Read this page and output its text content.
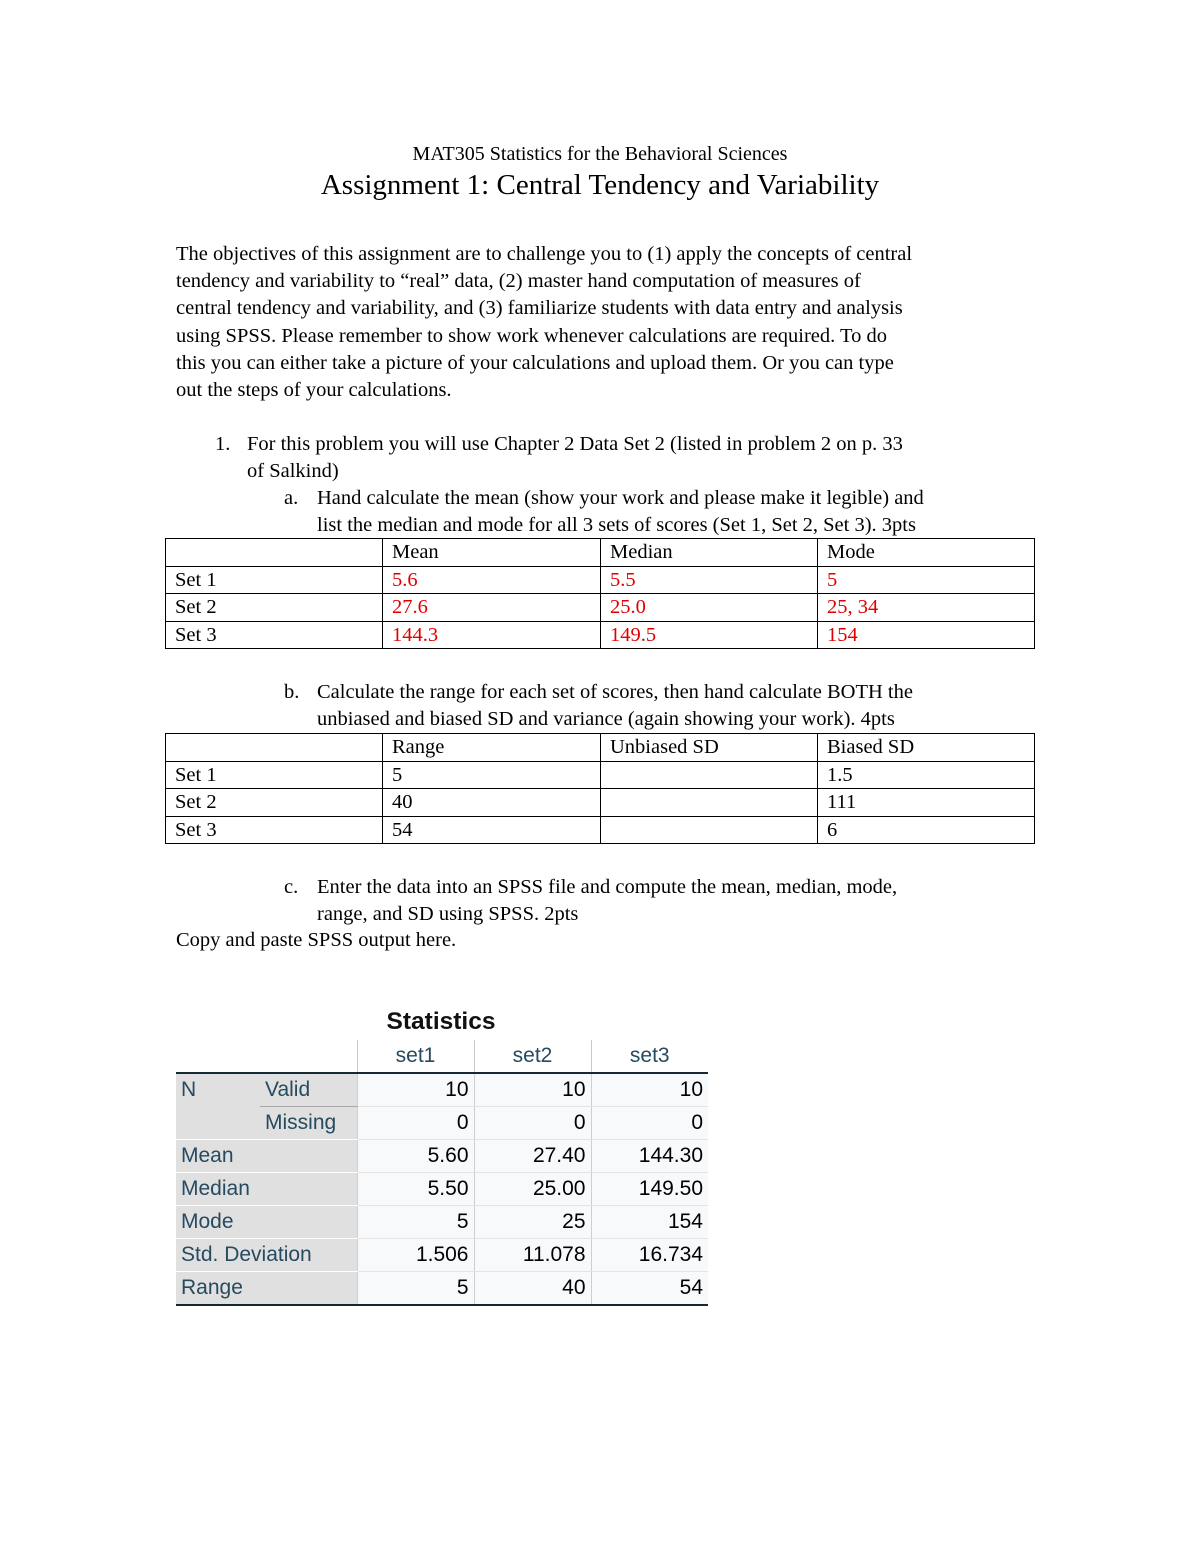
MAT305 Statistics for the Behavioral Sciences
Assignment 1: Central Tendency and Variability
The objectives of this assignment are to challenge you to (1) apply the concepts of central
tendency and variability to “real” data, (2) master hand computation of measures of
central tendency and variability, and (3) familiarize students with data entry and analysis
using SPSS. Please remember to show work whenever calculations are required. To do
this you can either take a picture of your calculations and upload them. Or you can type
out the steps of your calculations.
1. For this problem you will use Chapter 2 Data Set 2 (listed in problem 2 on p. 33
of Salkind)
a. Hand calculate the mean (show your work and please make it legible) and
list the median and mode for all 3 sets of scores (Set 1, Set 2, Set 3). 3pts
	Mean	Median	Mode
Set 1	5.6	5.5	5
Set 2	27.6	25.0	25, 34
Set 3	144.3	149.5	154
b. Calculate the range for each set of scores, then hand calculate BOTH the
unbiased and biased SD and variance (again showing your work). 4pts
	Range	Unbiased SD	Biased SD
Set 1	5		1.5
Set 2	40		111
Set 3	54		6
c. Enter the data into an SPSS file and compute the mean, median, mode,
range, and SD using SPSS. 2pts
Copy and paste SPSS output here.
Statistics
		set1	set2	set3
N	Valid	10	10	10
	Missing	0	0	0
Mean		5.60	27.40	144.30
Median		5.50	25.00	149.50
Mode		5	25	154
Std. Deviation		1.506	11.078	16.734
Range		5	40	54
